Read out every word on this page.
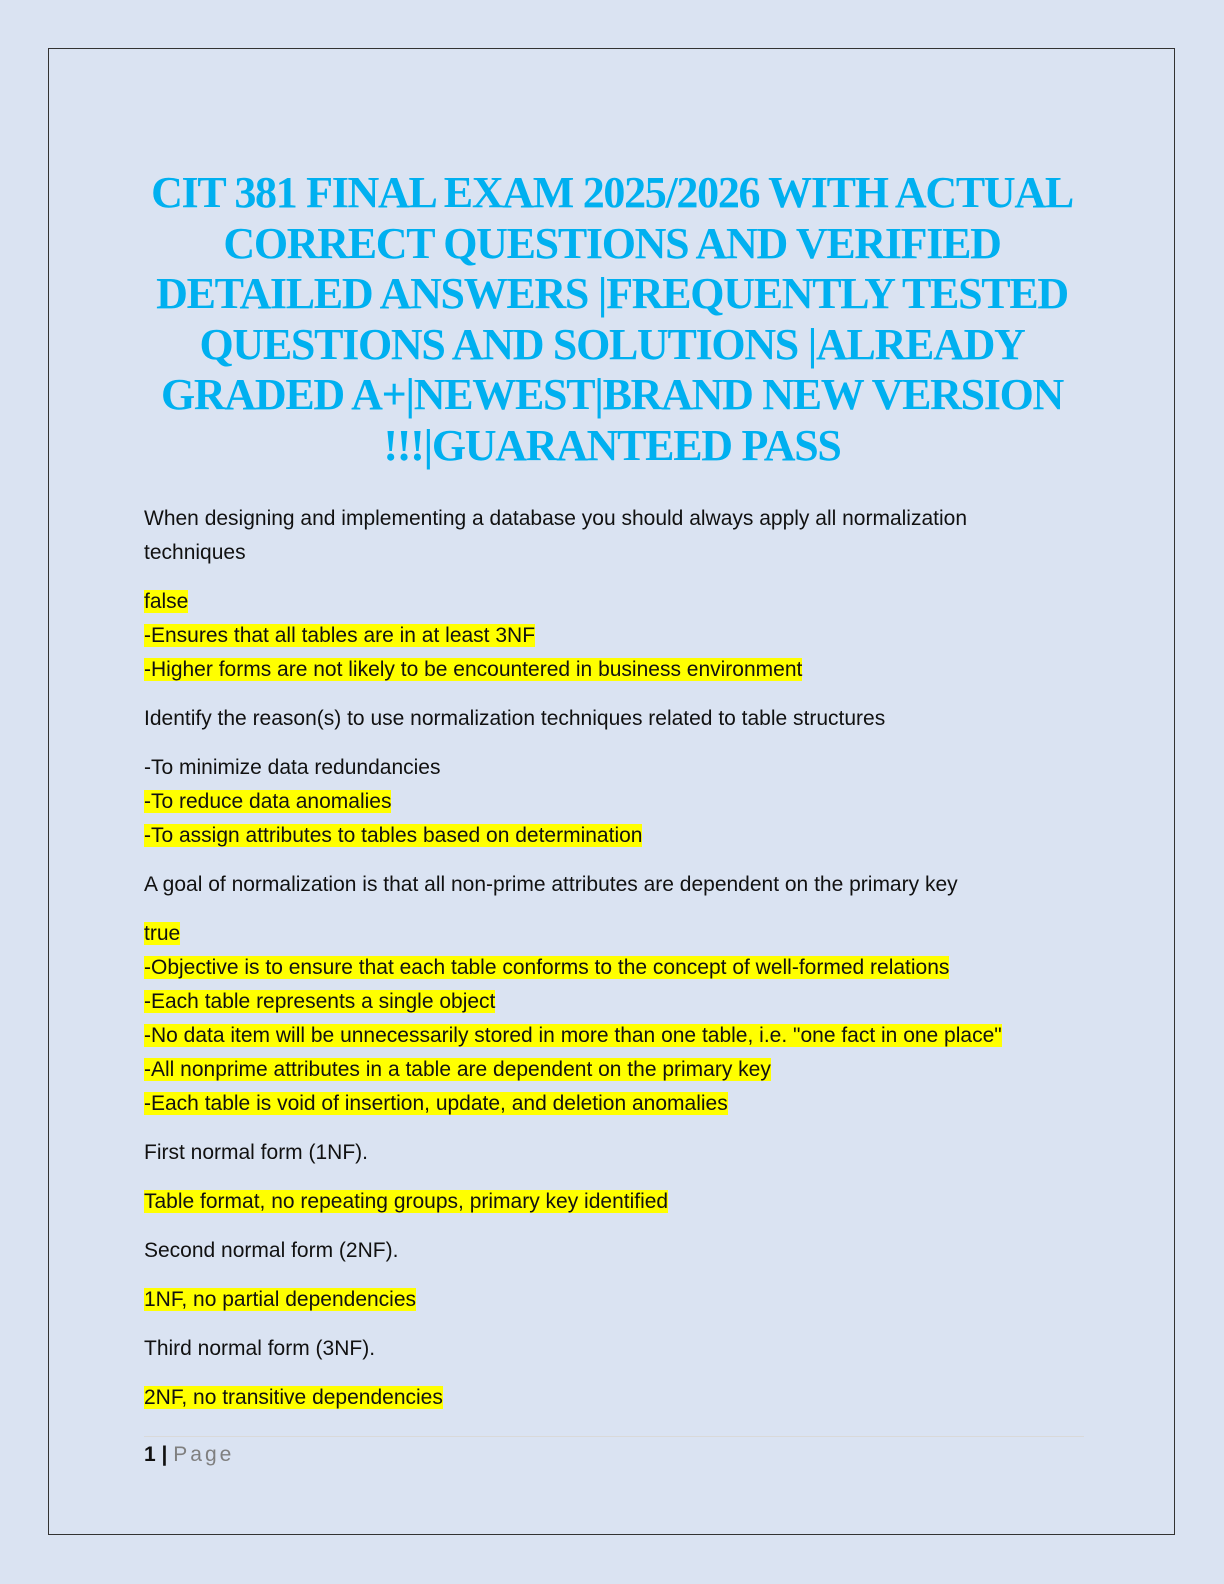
CIT 381 FINAL EXAM 2025/2026 WITH ACTUAL CORRECT QUESTIONS AND VERIFIED DETAILED ANSWERS |FREQUENTLY TESTED QUESTIONS AND SOLUTIONS |ALREADY GRADED A+|NEWEST|BRAND NEW VERSION !!!|GUARANTEED PASS
When designing and implementing a database you should always apply all normalization
techniques
false
-Ensures that all tables are in at least 3NF
-Higher forms are not likely to be encountered in business environment
Identify the reason(s) to use normalization techniques related to table structures
-To minimize data redundancies
-To reduce data anomalies
-To assign attributes to tables based on determination
A goal of normalization is that all non-prime attributes are dependent on the primary key
true
-Objective is to ensure that each table conforms to the concept of well-formed relations
-Each table represents a single object
-No data item will be unnecessarily stored in more than one table, i.e. "one fact in one place"
-All nonprime attributes in a table are dependent on the primary key
-Each table is void of insertion, update, and deletion anomalies
First normal form (1NF).
Table format, no repeating groups, primary key identified
Second normal form (2NF).
1NF, no partial dependencies
Third normal form (3NF).
2NF, no transitive dependencies
1 | Page
